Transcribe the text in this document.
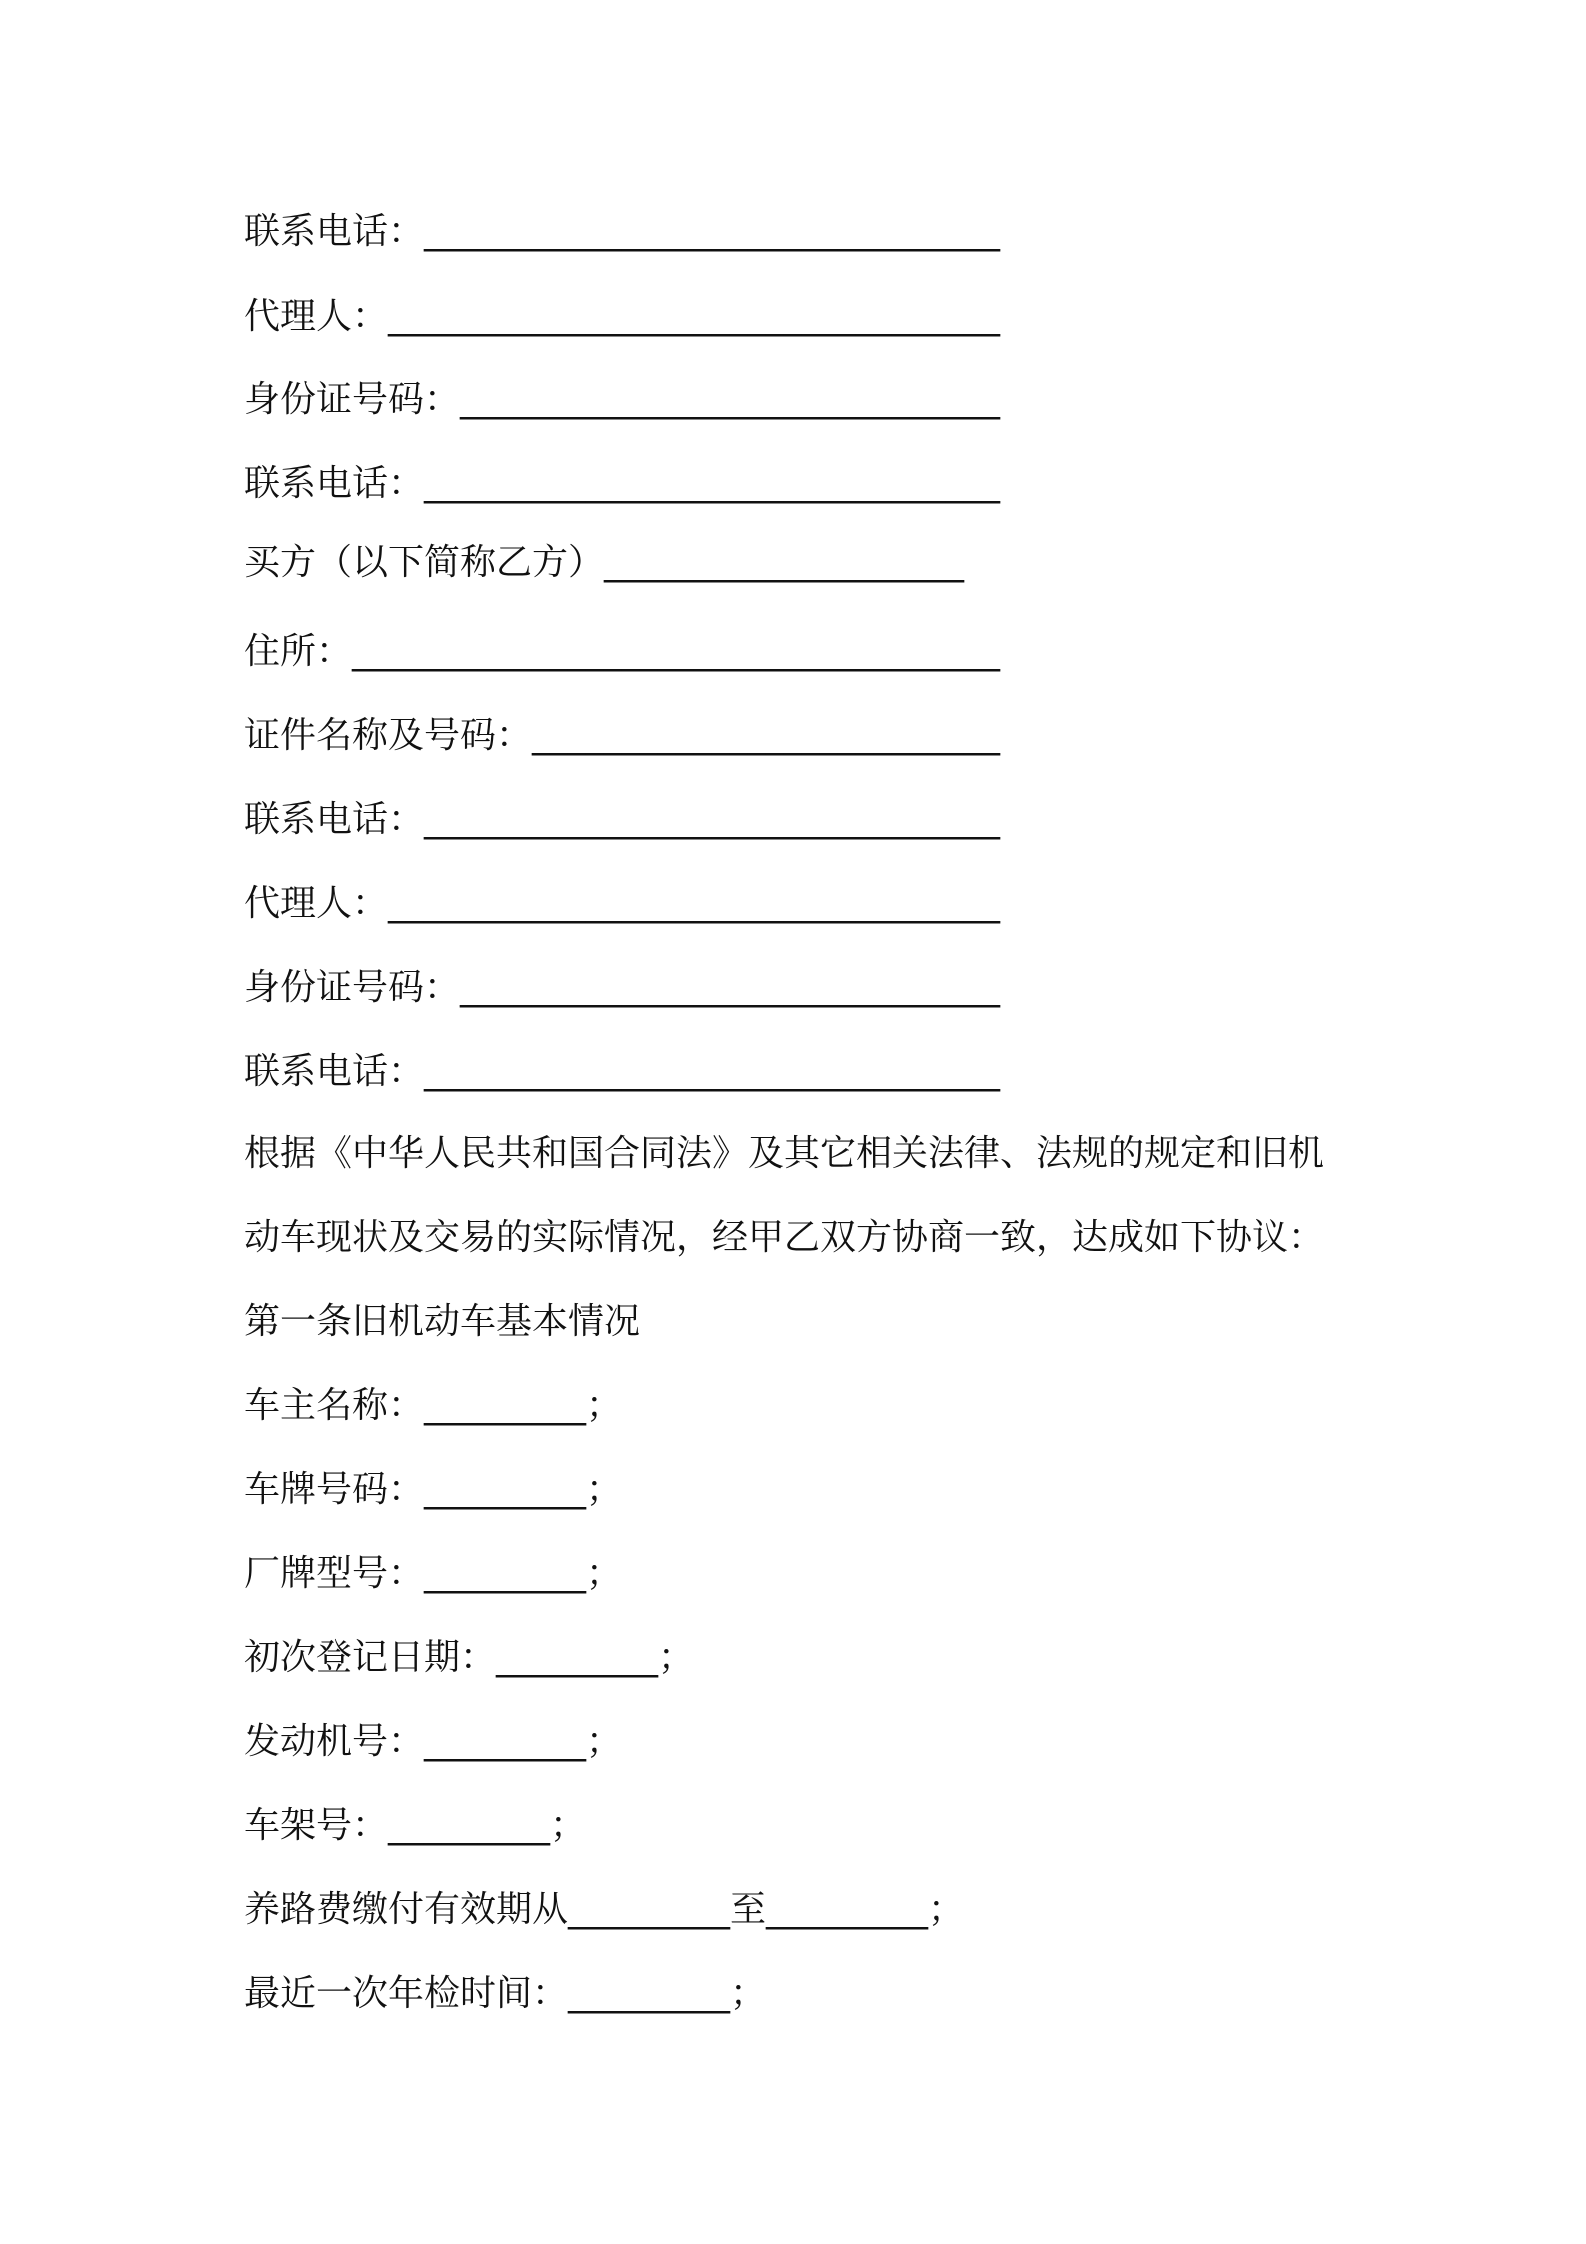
联系电话：________________________________
代理人：__________________________________
身份证号码：______________________________
联系电话：________________________________
买方（以下简称乙方）____________________
住所：____________________________________
证件名称及号码：__________________________
联系电话：________________________________
代理人：__________________________________
身份证号码：______________________________
联系电话：________________________________
根据《中华人民共和国合同法》及其它相关法律、法规的规定和旧机
动车现状及交易的实际情况，经甲乙双方协商一致，达成如下协议：
第一条旧机动车基本情况
车主名称：_________；
车牌号码：_________；
厂牌型号：_________；
初次登记日期：_________；
发动机号：_________；
车架号：_________；
养路费缴付有效期从_________至_________；
最近一次年检时间：_________；
